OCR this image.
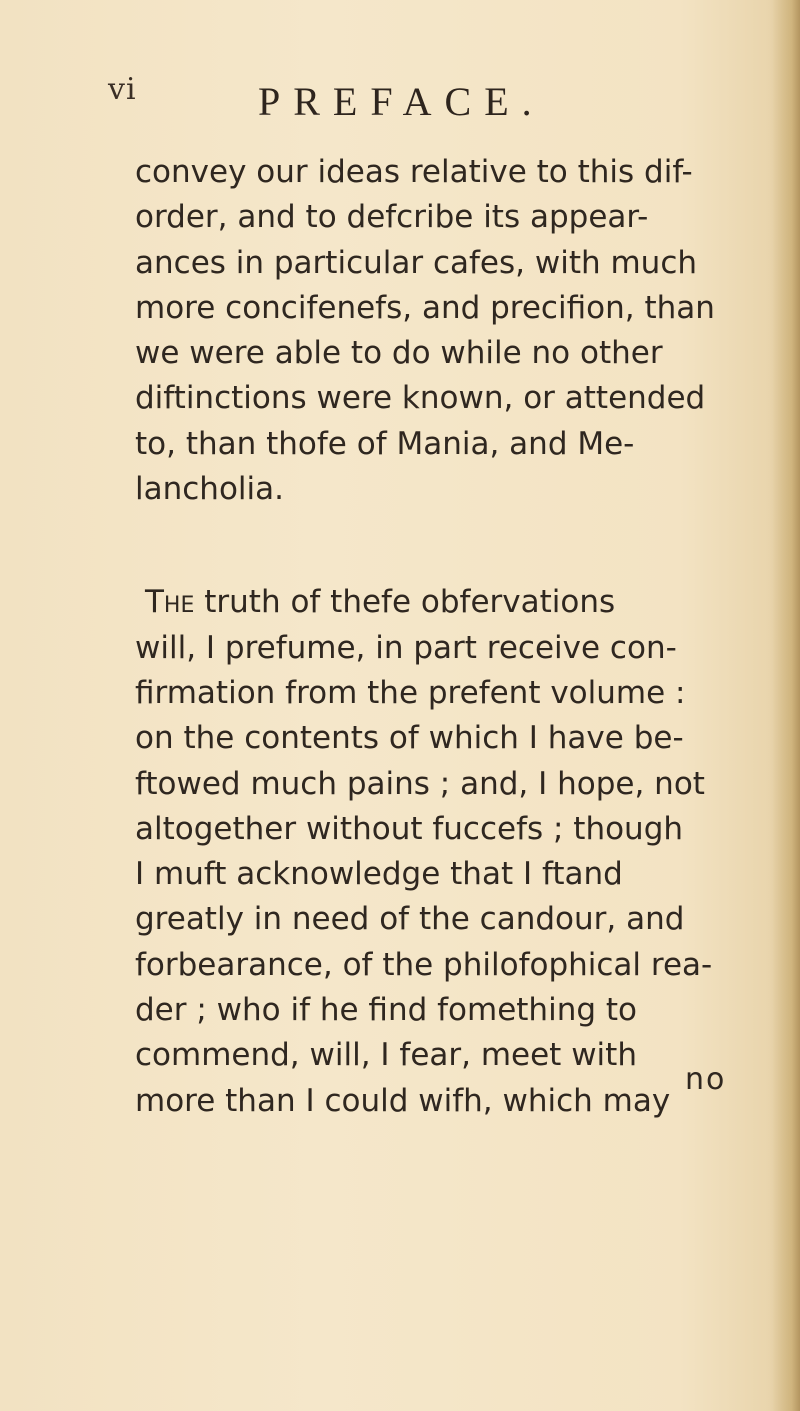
vi	PREFACE.
convey our ideas relative to this dif-
order, and to defcribe its appear-
ances in particular cafes, with much
more concifenefs, and precifion, than
we were able to do while no other
diftinctions were known, or attended
to, than thofe of Mania, and Me-
lancholia.
The truth of thefe obfervations
will, I prefume, in part receive con-
firmation from the prefent volume :
on the contents of which I have be-
ftowed much pains ; and, I hope, not
altogether without fuccefs ; though
I muft acknowledge that I ftand
greatly in need of the candour, and
forbearance, of the philofophical rea-
der ; who if he find fomething to
commend, will, I fear, meet with
more than I could wifh, which may
no
